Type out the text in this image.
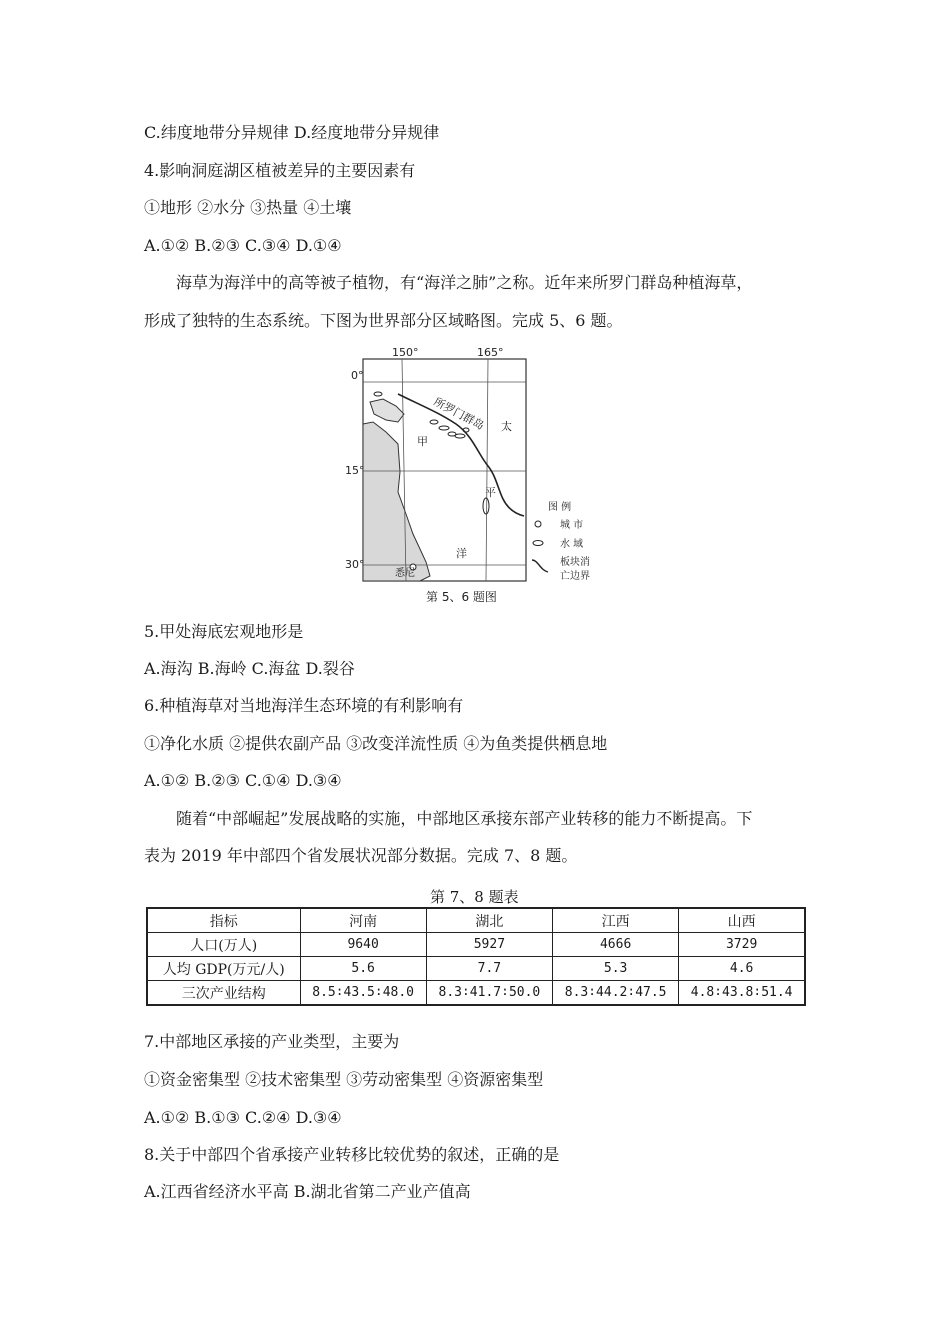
C.纬度地带分异规律 D.经度地带分异规律
4.影响洞庭湖区植被差异的主要因素有
①地形 ②水分 ③热量 ④土壤
A.①② B.②③ C.③④ D.①④
海草为海洋中的高等被子植物，有“海洋之肺”之称。近年来所罗门群岛种植海草，
形成了独特的生态系统。下图为世界部分区域略图。完成 5、6 题。
150°	165°
0°
15°
30°
所罗门群岛
甲
太
平
洋
悉尼
图 例
城 市
水 域
板块消
亡边界
第 5、6 题图
5.甲处海底宏观地形是
A.海沟 B.海岭 C.海盆 D.裂谷
6.种植海草对当地海洋生态环境的有利影响有
①净化水质 ②提供农副产品 ③改变洋流性质 ④为鱼类提供栖息地
A.①② B.②③ C.①④ D.③④
随着“中部崛起”发展战略的实施，中部地区承接东部产业转移的能力不断提高。下
表为 2019 年中部四个省发展状况部分数据。完成 7、8 题。
第 7、8 题表
指标	河南	湖北	江西	山西
人口(万人)	9640	5927	4666	3729
人均 GDP(万元/人)	5.6	7.7	5.3	4.6
三次产业结构	8.5∶43.5∶48.0	8.3∶41.7∶50.0	8.3∶44.2∶47.5	4.8∶43.8∶51.4
7.中部地区承接的产业类型，主要为
①资金密集型 ②技术密集型 ③劳动密集型 ④资源密集型
A.①② B.①③ C.②④ D.③④
8.关于中部四个省承接产业转移比较优势的叙述，正确的是
A.江西省经济水平高 B.湖北省第二产业产值高
